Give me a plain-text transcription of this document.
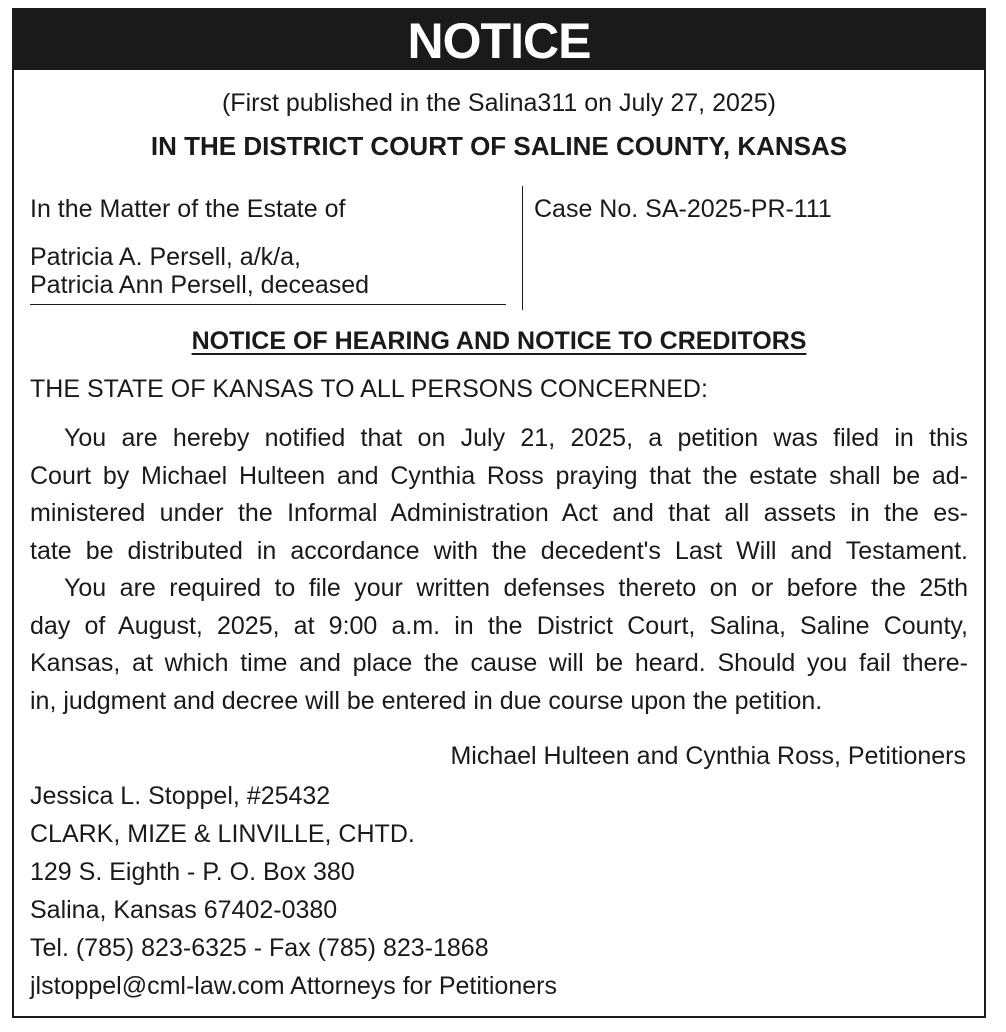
NOTICE
(First published in the Salina311 on July 27, 2025)
IN THE DISTRICT COURT OF SALINE COUNTY, KANSAS
In the Matter of the Estate of
Patricia A. Persell, a/k/a,
Patricia Ann Persell, deceased
Case No. SA-2025-PR-111
NOTICE OF HEARING AND NOTICE TO CREDITORS
THE STATE OF KANSAS TO ALL PERSONS CONCERNED:
You are hereby notified that on July 21, 2025, a petition was filed in this
Court by Michael Hulteen and Cynthia Ross praying that the estate shall be ad-
ministered under the Informal Administration Act and that all assets in the es-
tate be distributed in accordance with the decedent's Last Will and Testament.
You are required to file your written defenses thereto on or before the 25th
day of August, 2025, at 9:00 a.m. in the District Court, Salina, Saline County,
Kansas, at which time and place the cause will be heard. Should you fail there-
in, judgment and decree will be entered in due course upon the petition.
Michael Hulteen and Cynthia Ross, Petitioners
Jessica L. Stoppel, #25432
CLARK, MIZE & LINVILLE, CHTD.
129 S. Eighth - P. O. Box 380
Salina, Kansas 67402-0380
Tel. (785) 823-6325 - Fax (785) 823-1868
jlstoppel@cml-law.com Attorneys for Petitioners
